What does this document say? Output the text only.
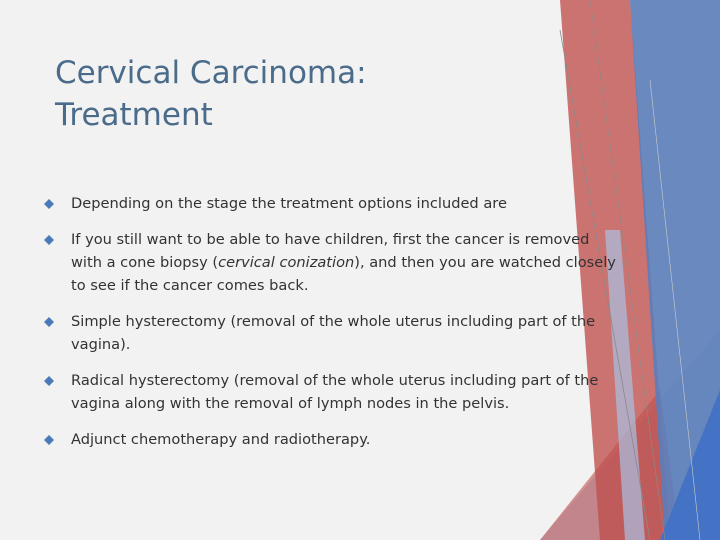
Cervical Carcinoma:
Treatment
Depending on the stage the treatment options included are
If you still want to be able to have children, first the cancer is removed with a cone biopsy (cervical conization), and then you are watched closely to see if the cancer comes back.
Simple hysterectomy (removal of the whole uterus including part of the vagina).
Radical hysterectomy (removal of the whole uterus including part of the vagina along with the removal of lymph nodes in the pelvis.
Adjunct chemotherapy and radiotherapy.
